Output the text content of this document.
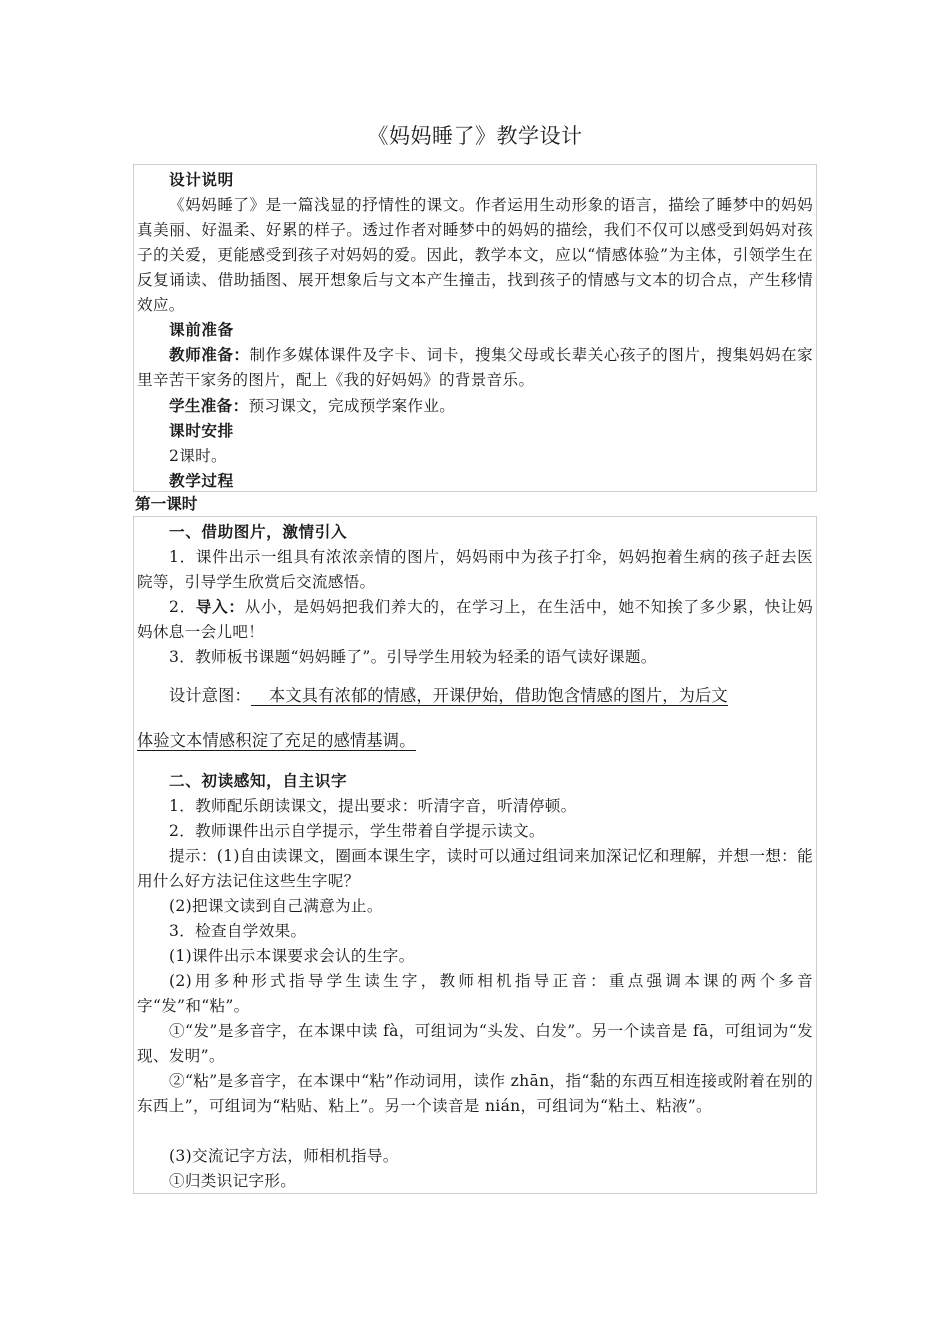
《妈妈睡了》教学设计
设计说明

《妈妈睡了》是一篇浅显的抒情性的课文。作者运用生动形象的语言，描绘了睡梦中的妈妈真美丽、好温柔、好累的样子。透过作者对睡梦中的妈妈的描绘，我们不仅可以感受到妈妈对孩子的关爱，更能感受到孩子对妈妈的爱。因此，教学本文，应以“情感体验”为主体，引领学生在反复诵读、借助插图、展开想象后与文本产生撞击，找到孩子的情感与文本的切合点，产生移情效应。

课前准备

教师准备：制作多媒体课件及字卡、词卡，搜集父母或长辈关心孩子的图片，搜集妈妈在家里辛苦干家务的图片，配上《我的好妈妈》的背景音乐。

学生准备：预习课文，完成预学案作业。

课时安排

2课时。

教学过程
第一课时
一、借助图片，激情引入

1．课件出示一组具有浓浓亲情的图片，妈妈雨中为孩子打伞，妈妈抱着生病的孩子赶去医院等，引导学生欣赏后交流感悟。

2．导入：从小，是妈妈把我们养大的，在学习上，在生活中，她不知挨了多少累，快让妈妈休息一会儿吧！

3．教师板书课题“妈妈睡了”。引导学生用较为轻柔的语气读好课题。

设计意图： 本文具有浓郁的情感，开课伊始，借助饱含情感的图片，为后文
体验文本情感积淀了充足的感情基调。
二、初读感知，自主识字

1．教师配乐朗读课文，提出要求：听清字音，听清停顿。

2．教师课件出示自学提示，学生带着自学提示读文。

提示：(1)自由读课文，圈画本课生字，读时可以通过组词来加深记忆和理解，并想一想：能用什么好方法记住这些生字呢？

(2)把课文读到自己满意为止。

3．检查自学效果。

(1)课件出示本课要求会认的生字。

(2)用多种形式指导学生读生字，教师相机指导正音：重点强调本课的两个多音字“发”和“粘”。

①“发”是多音字，在本课中读 fà，可组词为“头发、白发”。另一个读音是 fā，可组词为“发现、发明”。

②“粘”是多音字，在本课中“粘”作动词用，读作 zhān，指“黏的东西互相连接或附着在别的东西上”，可组词为“粘贴、粘上”。另一个读音是 nián，可组词为“粘土、粘液”。

(3)交流记字方法，师相机指导。

①归类识记字形。
